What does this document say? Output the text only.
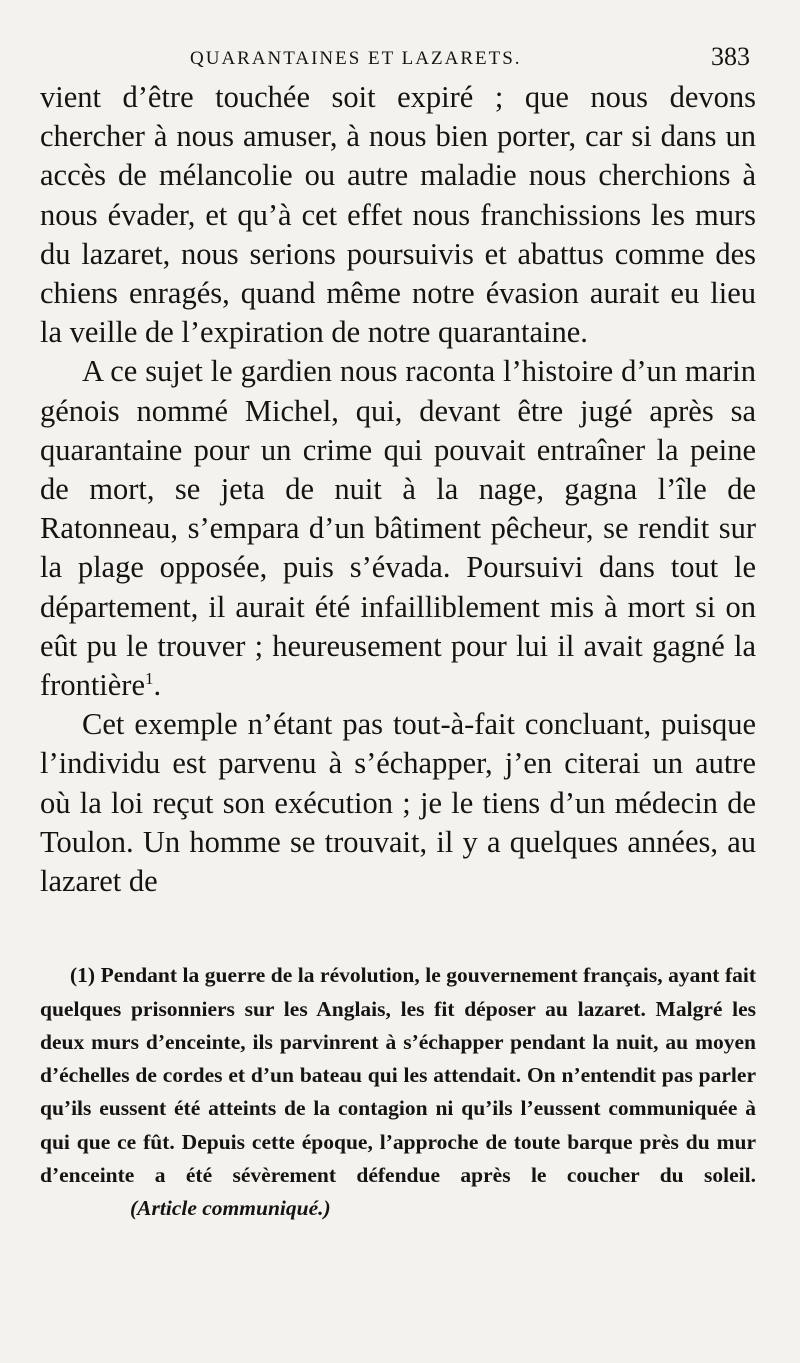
QUARANTAINES ET LAZARETS.	383

vient d’être touchée soit expiré ; que nous devons chercher à nous amuser, à nous bien porter, car si dans un accès de mélancolie ou autre maladie nous cherchions à nous évader, et qu’à cet effet nous franchissions les murs du lazaret, nous serions poursuivis et abattus comme des chiens enragés, quand même notre évasion aurait eu lieu la veille de l’expiration de notre quarantaine.

A ce sujet le gardien nous raconta l’histoire d’un marin génois nommé Michel, qui, devant être jugé après sa quarantaine pour un crime qui pouvait entraîner la peine de mort, se jeta de nuit à la nage, gagna l’île de Ratonneau, s’empara d’un bâtiment pêcheur, se rendit sur la plage opposée, puis s’évada. Poursuivi dans tout le département, il aurait été infailliblement mis à mort si on eût pu le trouver ; heureusement pour lui il avait gagné la frontière$^1$.

Cet exemple n’étant pas tout-à-fait concluant, puisque l’individu est parvenu à s’échapper, j’en citerai un autre où la loi reçut son exécution ; je le tiens d’un médecin de Toulon. Un homme se trouvait, il y a quelques années, au lazaret de

(1) Pendant la guerre de la révolution, le gouvernement français, ayant fait quelques prisonniers sur les Anglais, les fit déposer au lazaret. Malgré les deux murs d’enceinte, ils parvinrent à s’échapper pendant la nuit, au moyen d’échelles de cordes et d’un bateau qui les attendait. On n’entendit pas parler qu’ils eussent été atteints de la contagion ni qu’ils l’eussent communiquée à qui que ce fût. Depuis cette époque, l’approche de toute barque près du mur d’enceinte a été sévèrement défendue après le coucher du soleil.(Article communiqué.)
